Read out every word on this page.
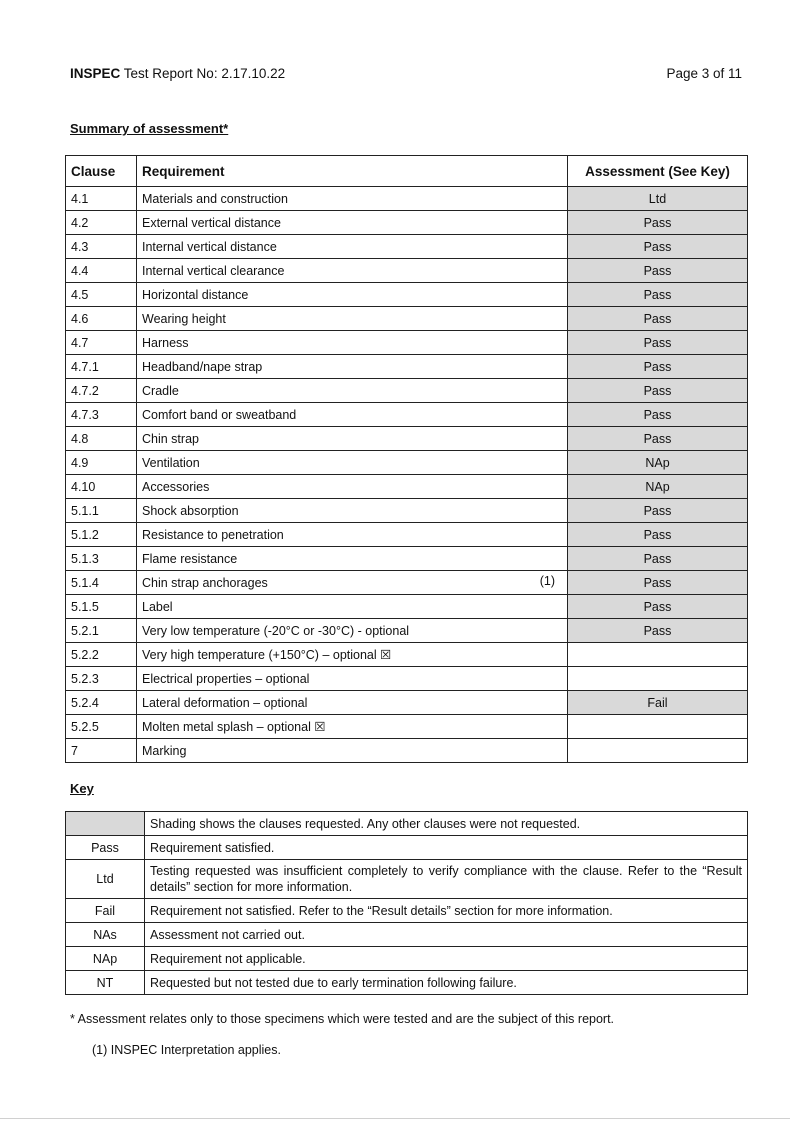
INSPEC Test Report No: 2.17.10.22	Page 3 of 11
Summary of assessment*
Clause	Requirement	Assessment (See Key)
4.1	Materials and construction	Ltd
4.2	External vertical distance	Pass
4.3	Internal vertical distance	Pass
4.4	Internal vertical clearance	Pass
4.5	Horizontal distance	Pass
4.6	Wearing height	Pass
4.7	Harness	Pass
4.7.1	Headband/nape strap	Pass
4.7.2	Cradle	Pass
4.7.3	Comfort band or sweatband	Pass
4.8	Chin strap	Pass
4.9	Ventilation	NAp
4.10	Accessories	NAp
5.1.1	Shock absorption	Pass
5.1.2	Resistance to penetration	Pass
5.1.3	Flame resistance	Pass
5.1.4	Chin strap anchorages (1)	Pass
5.1.5	Label	Pass
5.2.1	Very low temperature (-20°C or -30°C) - optional	Pass
5.2.2	Very high temperature (+150°C) – optional ☒	
5.2.3	Electrical properties – optional	
5.2.4	Lateral deformation – optional	Fail
5.2.5	Molten metal splash – optional ☒	
7	Marking	
Key
	Shading shows the clauses requested. Any other clauses were not requested.
Pass	Requirement satisfied.
Ltd	Testing requested was insufficient completely to verify compliance with the clause. Refer to the “Result details” section for more information.
Fail	Requirement not satisfied. Refer to the “Result details” section for more information.
NAs	Assessment not carried out.
NAp	Requirement not applicable.
NT	Requested but not tested due to early termination following failure.
* Assessment relates only to those specimens which were tested and are the subject of this report.
(1) INSPEC Interpretation applies.
